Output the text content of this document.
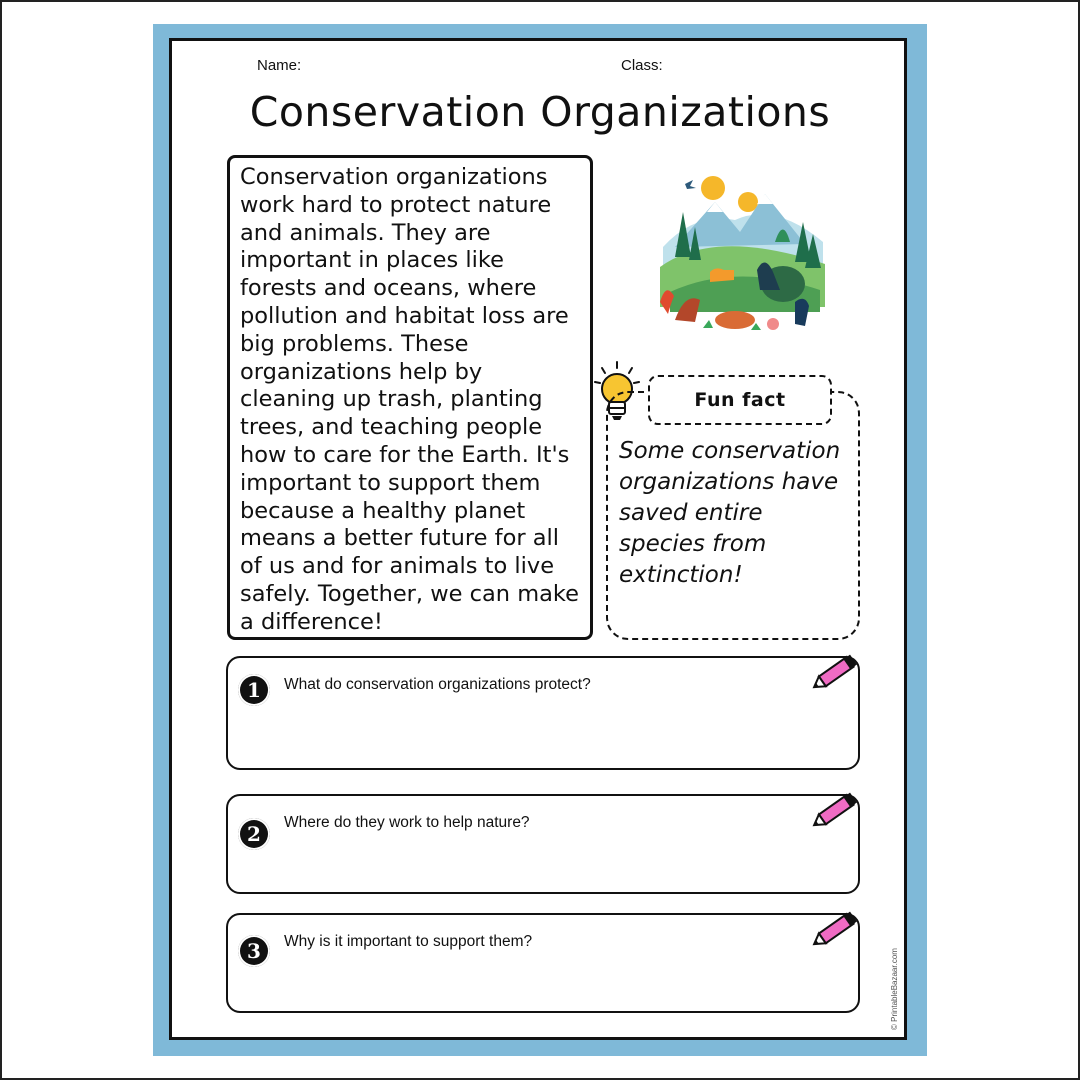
Name:	Class:
Conservation Organizations
Conservation organizations work hard to protect nature and animals. They are important in places like forests and oceans, where pollution and habitat loss are big problems. These organizations help by cleaning up trash, planting trees, and teaching people how to care for the Earth. It's important to support them because a healthy planet means a better future for all of us and for animals to live safely. Together, we can make a difference!
Fun fact
Some conservation organizations have saved entire species from extinction!
1	What do conservation organizations protect?
2	Where do they work to help nature?
3	Why is it important to support them?
© PrintableBazaar.com
